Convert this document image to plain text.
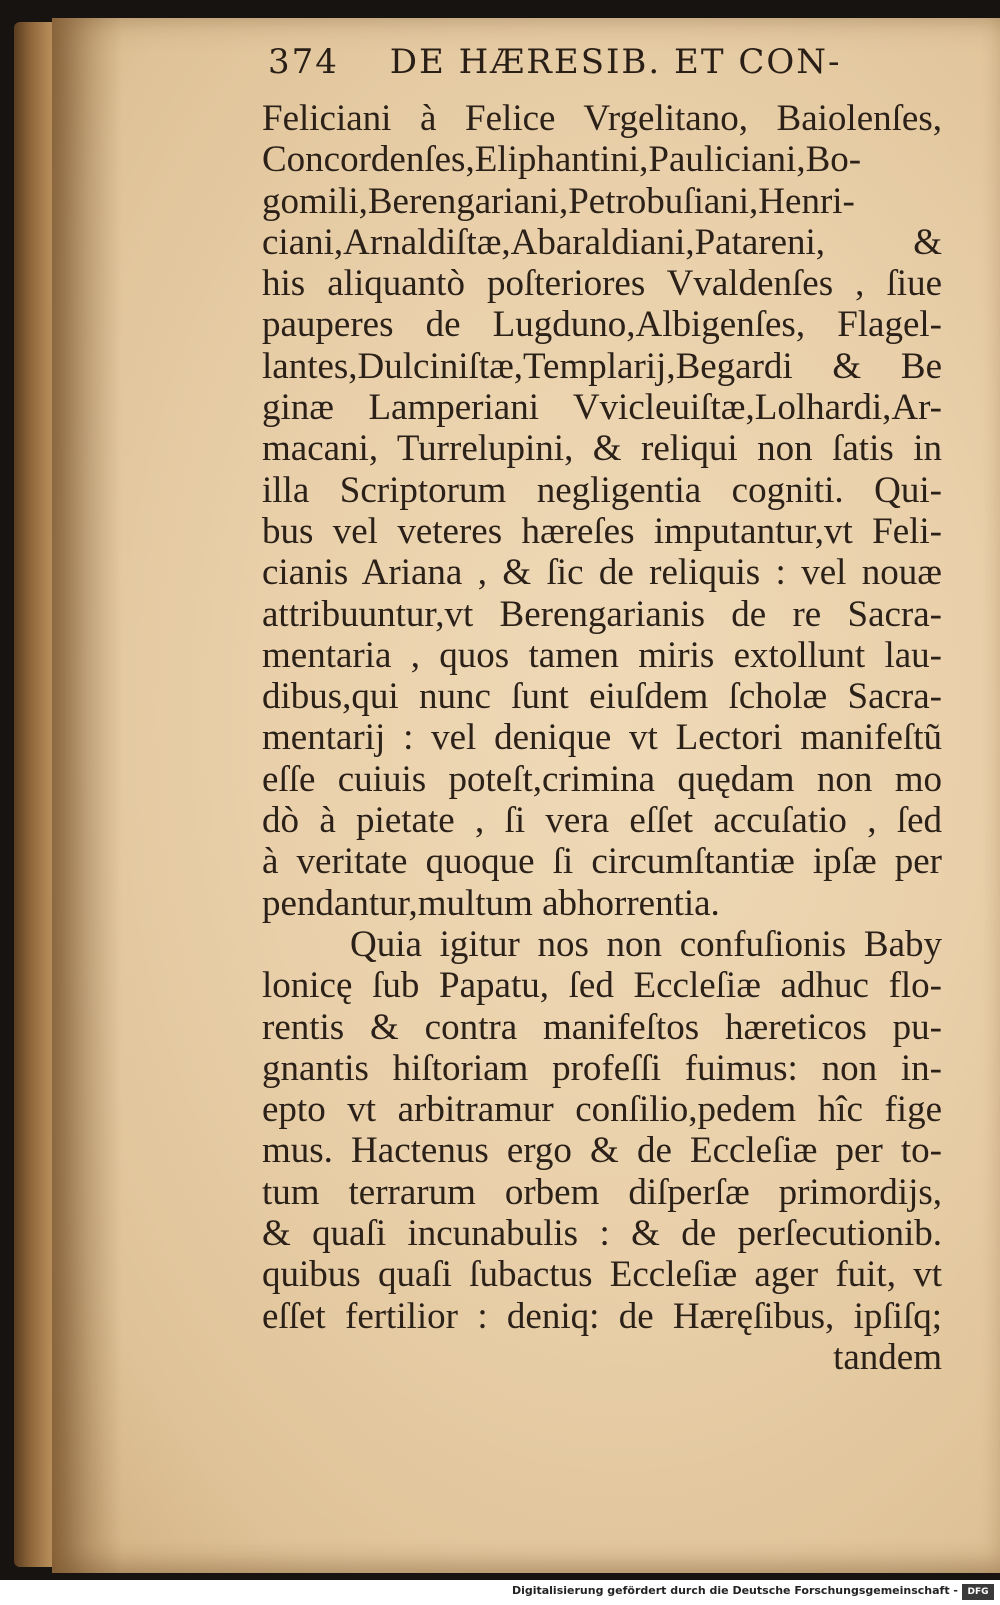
374 DE HÆRESIB. ET CON-
Feliciani à Felice Vrgelitano, Baiolenſes,
Concordenſes,Eliphantini,Pauliciani,Bo-
gomili,Berengariani,Petrobuſiani,Henri-
ciani,Arnaldiſtæ,Abaraldiani,Patareni, &
his aliquantò poſteriores Vvaldenſes , ſiue
pauperes de Lugduno,Albigenſes, Flagel-
lantes,Dulciniſtæ,Templarij,Begardi & Be
ginæ Lamperiani Vvicleuiſtæ,Lolhardi,Ar-
macani, Turrelupini, & reliqui non ſatis in
illa Scriptorum negligentia cogniti. Qui-
bus vel veteres hæreſes imputantur,vt Feli-
cianis Ariana , & ſic de reliquis : vel nouæ
attribuuntur,vt Berengarianis de re Sacra-
mentaria , quos tamen miris extollunt lau-
dibus,qui nunc ſunt eiuſdem ſcholæ Sacra-
mentarij : vel denique vt Lectori manifeſtũ
eſſe cuiuis poteſt,crimina quędam non mo
dò à pietate , ſi vera eſſet accuſatio , ſed
à veritate quoque ſi circumſtantiæ ipſæ per
pendantur,multum abhorrentia.
Quia igitur nos non confuſionis Baby
lonicę ſub Papatu, ſed Eccleſiæ adhuc flo-
rentis & contra manifeſtos hæreticos pu-
gnantis hiſtoriam profeſſi fuimus: non in-
epto vt arbitramur conſilio,pedem hîc fige
mus. Hactenus ergo & de Eccleſiæ per to-
tum terrarum orbem diſperſæ primordijs,
& quaſi incunabulis : & de perſecutionib.
quibus quaſi ſubactus Eccleſiæ ager fuit, vt
eſſet fertilior : deniq: de Hæręſibus, ipſiſq;
tandem
Digitalisierung gefördert durch die Deutsche Forschungsgemeinschaft -	DFG
